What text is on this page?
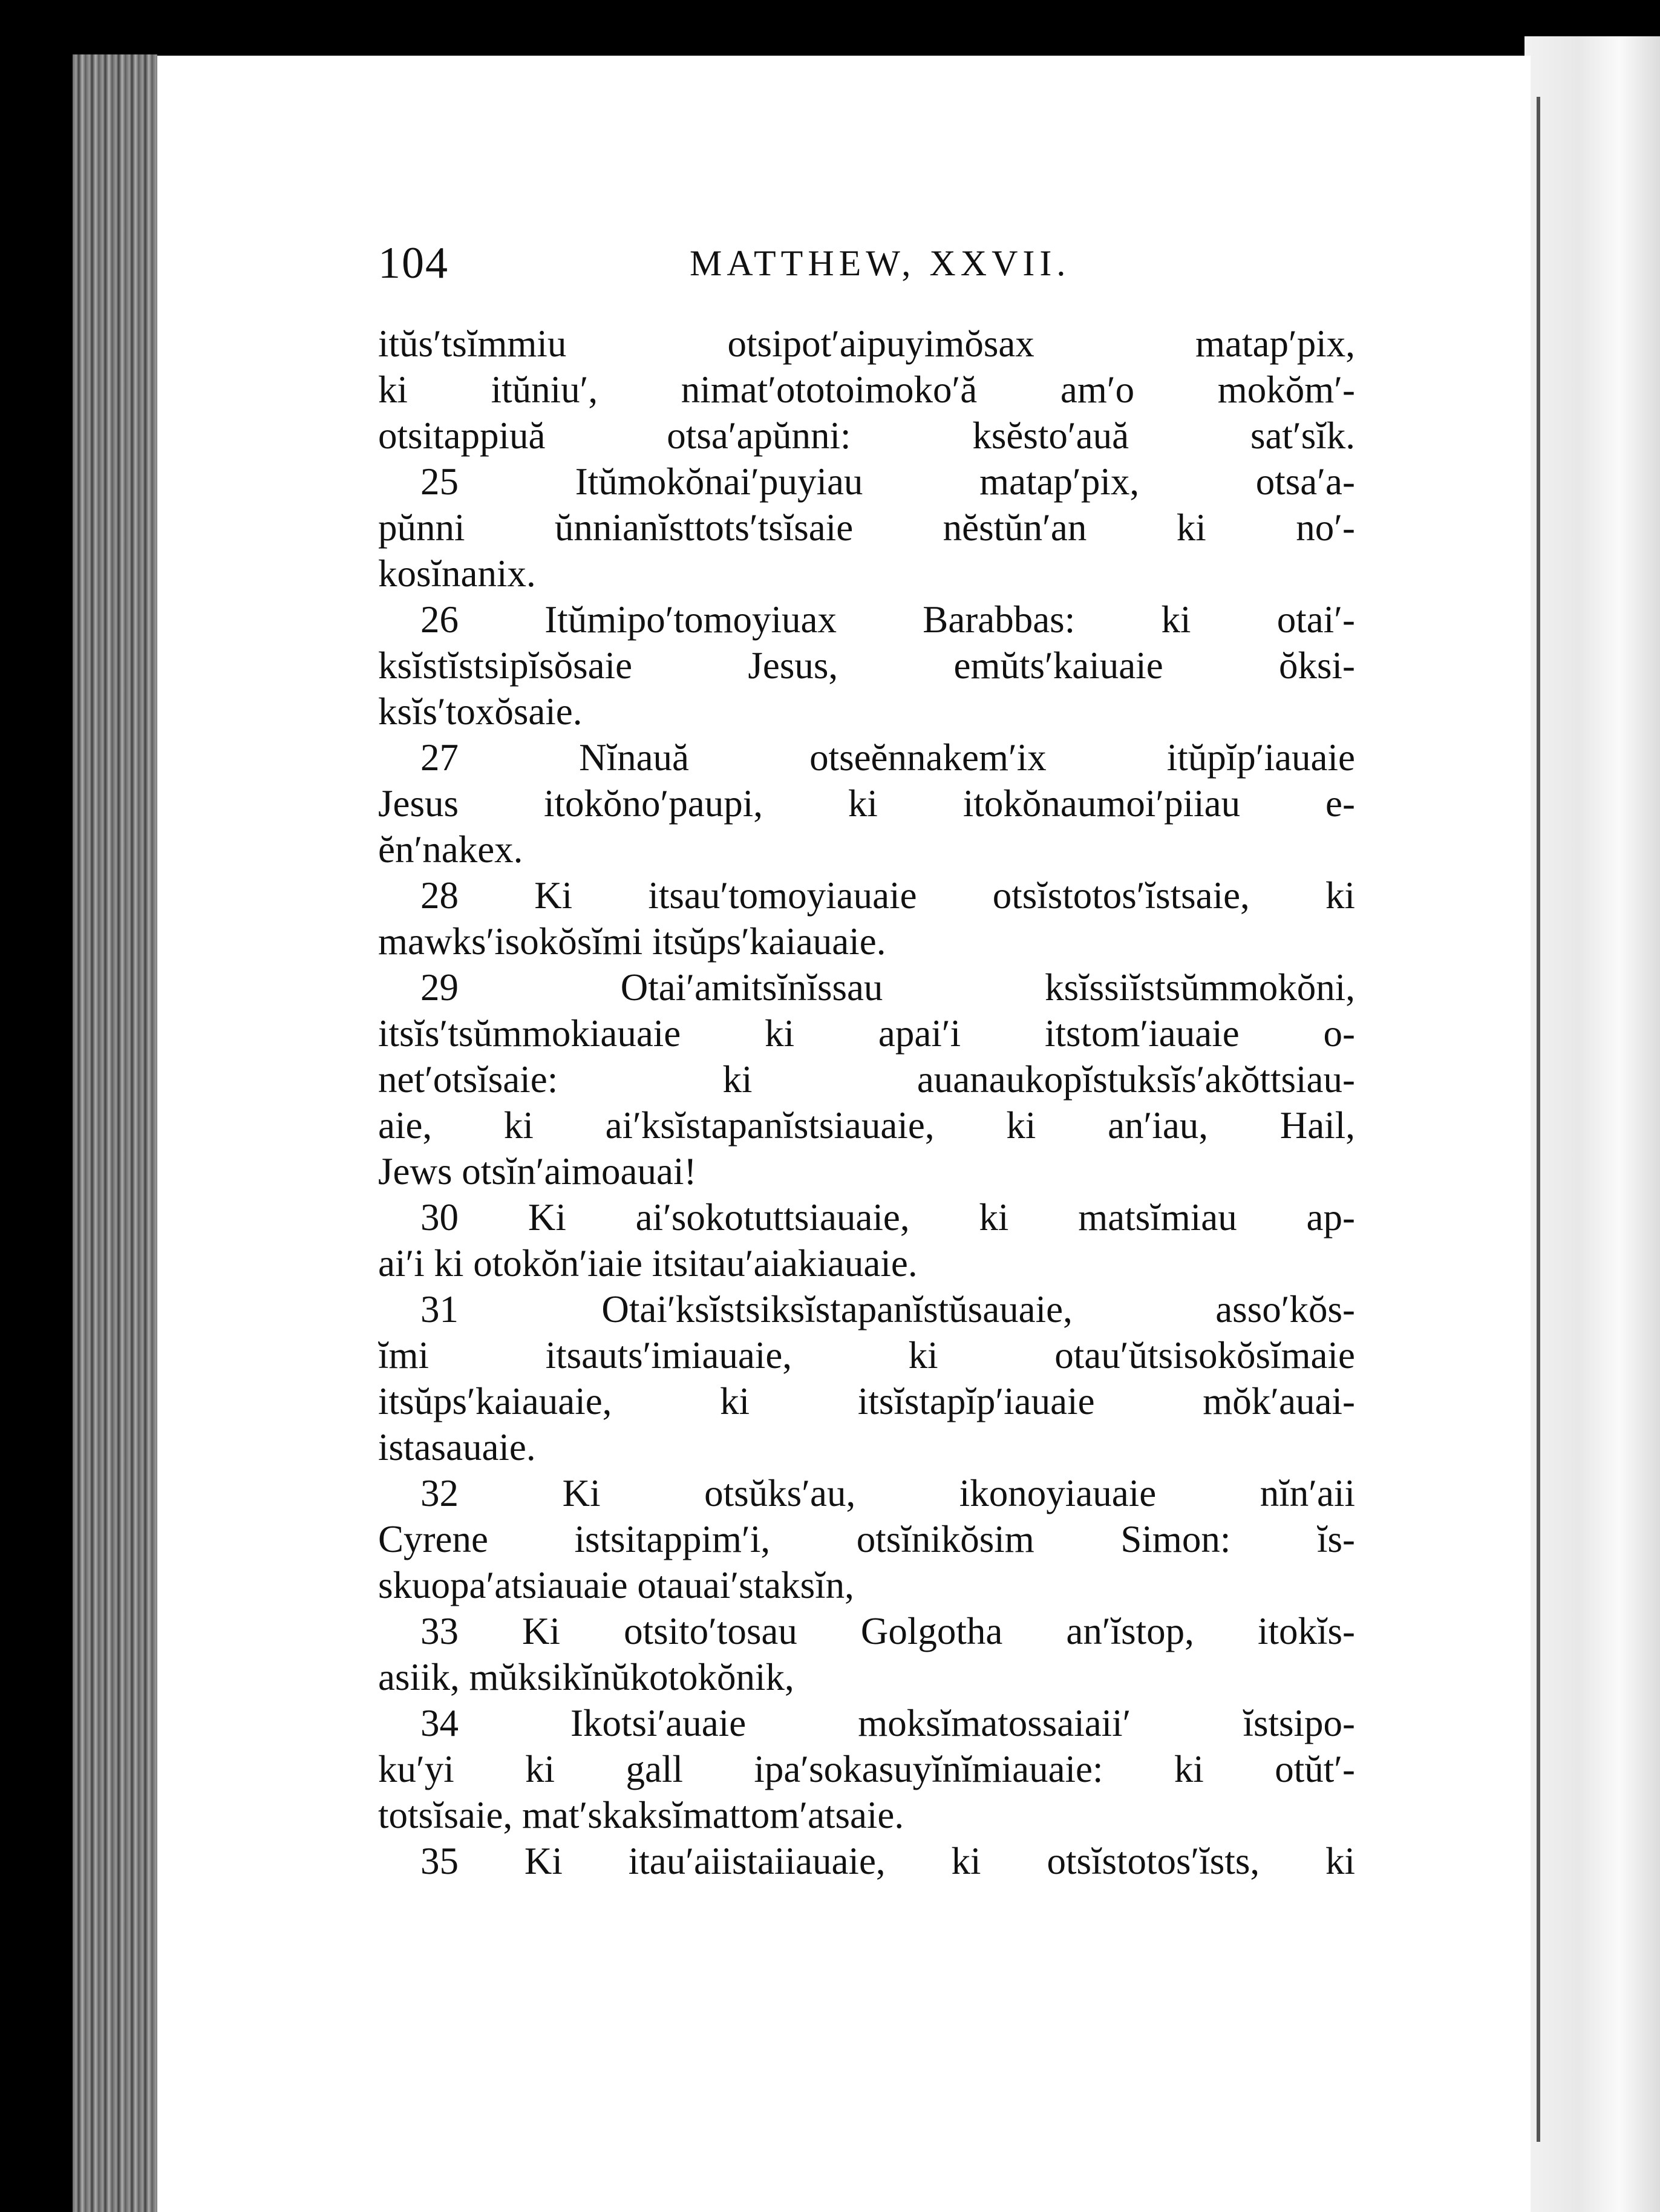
104	MATTHEW, XXVII.
itŭs′tsĭmmiu otsipot′aipuyimŏsax matap′pix,
ki itŭniu′, nimat′ototoimoko′ă am′o mokŏm′-
otsitappiuă otsa′apŭnni: ksĕsto′auă sat′sĭk.
25 Itŭmokŏnai′puyiau matap′pix, otsa′a-
pŭnni ŭnnianĭsttots′tsĭsaie nĕstŭn′an ki no′-
kosĭnanix.
26 Itŭmipo′tomoyiuax Barabbas: ki otai′-
ksĭstĭstsipĭsŏsaie Jesus, emŭts′kaiuaie ŏksi-
ksĭs′toxŏsaie.
27 Nĭnauă otseĕnnakem′ix itŭpĭp′iauaie
Jesus itokŏno′paupi, ki itokŏnaumoi′piiau e-
ĕn′nakex.
28 Ki itsau′tomoyiauaie otsĭstotos′ĭstsaie, ki
mawks′isokŏsĭmi itsŭps′kaiauaie.
29 Otai′amitsĭnĭssau ksĭssiĭstsŭmmokŏni,
itsĭs′tsŭmmokiauaie ki apai′i itstom′iauaie o-
net′otsĭsaie: ki auanaukopĭstuksĭs′akŏttsiau-
aie, ki ai′ksĭstapanĭstsiauaie, ki an′iau, Hail,
Jews otsĭn′aimoauai!
30 Ki ai′sokotuttsiauaie, ki matsĭmiau ap-
ai′i ki otokŏn′iaie itsitau′aiakiauaie.
31 Otai′ksĭstsiksĭstapanĭstŭsauaie, asso′kŏs-
ĭmi itsauts′imiauaie, ki otau′ŭtsisokŏsĭmaie
itsŭps′kaiauaie, ki itsĭstapĭp′iauaie mŏk′auai-
istasauaie.
32 Ki otsŭks′au, ikonoyiauaie nĭn′aii
Cyrene istsitappim′i, otsĭnikŏsim Simon: ĭs-
skuopa′atsiauaie otauai′staksĭn,
33 Ki otsito′tosau Golgotha an′ĭstop, itokĭs-
asiik, mŭksikĭnŭkotokŏnik,
34 Ikotsi′auaie moksĭmatossaiaii′ ĭstsipo-
ku′yi ki gall ipa′sokasuyĭnĭmiauaie: ki otŭt′-
totsĭsaie, mat′skaksĭmattom′atsaie.
35 Ki itau′aiistaiiauaie, ki otsĭstotos′ĭsts, ki
